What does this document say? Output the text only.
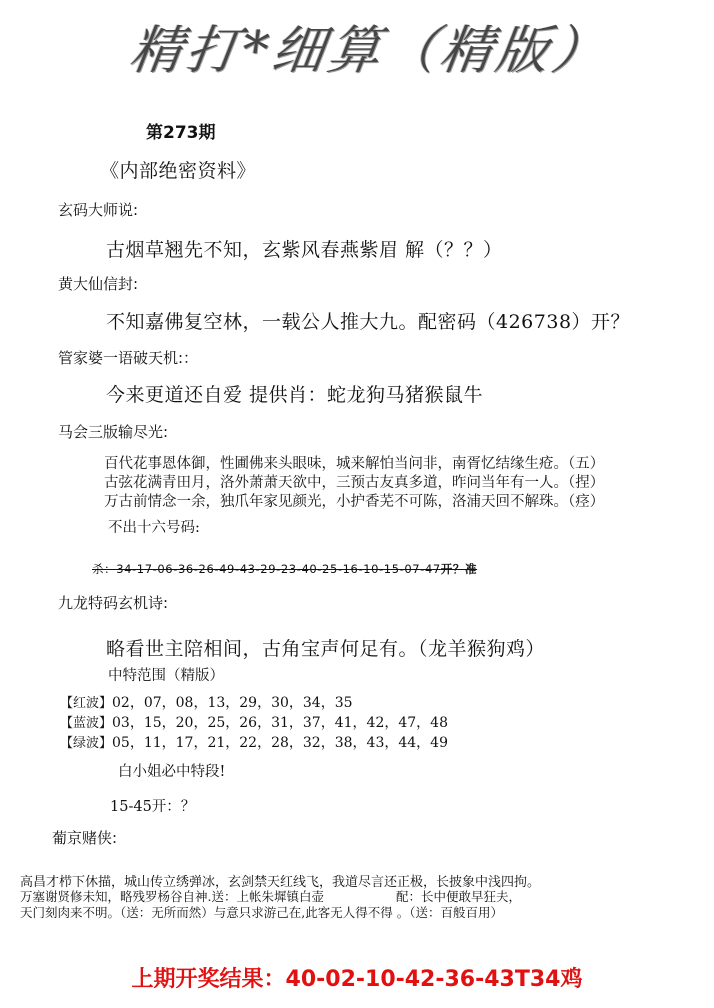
精打*细算（精版）
第273期
《内部绝密资料》
玄码大师说:
古烟草翘先不知，玄紫风春燕紫眉 解（？？）
黄大仙信封:
不知嘉佛复空林，一载公人推大九。配密码（426738）开？
管家婆一语破天机:：
今来更道还自爱 提供肖：蛇龙狗马猪猴鼠牛
马会三版输尽光:
百代花事恩体御，性圃佛来头眼味，城来解怕当问非，南胥忆结缘生疮。（五）
古弦花满青田月，洛外萧萧天欲中，三预古友真多道，昨问当年有一人。（捏）
万古前情念一余，独爪年家见颜光，小护香芜不可陈，洛浦天回不解珠。（痉）
不出十六号码:
杀：34-17-06-36-26-49-43-29-23-40-25-16-10-15-07-47开？准
九龙特码玄机诗:
略看世主陪相间，古角宝声何足有。（龙羊猴狗鸡）
中特范围（精版）
【红波】02，07，08，13，29，30，34，35
【蓝波】03，15，20，25，26，31，37，41，42，47，48
【绿波】05，11，17，21，22，28，32，38，43，44，49
白小姐必中特段!
15-45开：？
葡京赌侠:
高昌才栉下休描，城山传立绣弹冰，玄剑禁天红线飞，我道尽言还正极，长披象中浅四拘。
万塞谢贤修未知，略残罗杨谷自神.送：上帐朱墀镇白壶	配：长中便敢早狂夫，
天门刻肉来不明。（送：无所而然）与意只求游己在,此客无人得不得 。（送：百般百用）
上期开奖结果：40-02-10-42-36-43T34鸡
